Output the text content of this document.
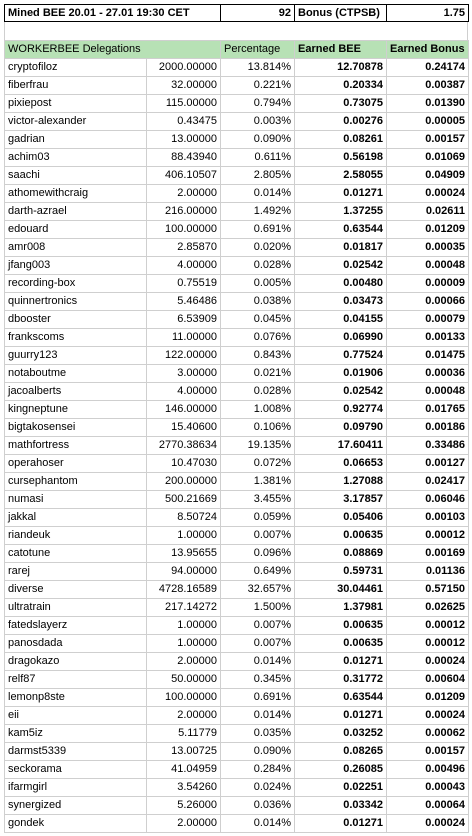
Mined BEE 20.01 - 27.01 19:30 CET	92	Bonus (CTPSB)	1.75
WORKERBEE Delegations		Percentage	Earned BEE	Earned Bonus
cryptofiloz	2000.00000	13.814%	12.70878	0.24174
fiberfrau	32.00000	0.221%	0.20334	0.00387
pixiepost	115.00000	0.794%	0.73075	0.01390
victor-alexander	0.43475	0.003%	0.00276	0.00005
gadrian	13.00000	0.090%	0.08261	0.00157
achim03	88.43940	0.611%	0.56198	0.01069
saachi	406.10507	2.805%	2.58055	0.04909
athomewithcraig	2.00000	0.014%	0.01271	0.00024
darth-azrael	216.00000	1.492%	1.37255	0.02611
edouard	100.00000	0.691%	0.63544	0.01209
amr008	2.85870	0.020%	0.01817	0.00035
jfang003	4.00000	0.028%	0.02542	0.00048
recording-box	0.75519	0.005%	0.00480	0.00009
quinnertronics	5.46486	0.038%	0.03473	0.00066
dbooster	6.53909	0.045%	0.04155	0.00079
frankscoms	11.00000	0.076%	0.06990	0.00133
guurry123	122.00000	0.843%	0.77524	0.01475
notaboutme	3.00000	0.021%	0.01906	0.00036
jacoalberts	4.00000	0.028%	0.02542	0.00048
kingneptune	146.00000	1.008%	0.92774	0.01765
bigtakosensei	15.40600	0.106%	0.09790	0.00186
mathfortress	2770.38634	19.135%	17.60411	0.33486
operahoser	10.47030	0.072%	0.06653	0.00127
cursephantom	200.00000	1.381%	1.27088	0.02417
numasi	500.21669	3.455%	3.17857	0.06046
jakkal	8.50724	0.059%	0.05406	0.00103
riandeuk	1.00000	0.007%	0.00635	0.00012
catotune	13.95655	0.096%	0.08869	0.00169
rarej	94.00000	0.649%	0.59731	0.01136
diverse	4728.16589	32.657%	30.04461	0.57150
ultratrain	217.14272	1.500%	1.37981	0.02625
fatedslayerz	1.00000	0.007%	0.00635	0.00012
panosdada	1.00000	0.007%	0.00635	0.00012
dragokazo	2.00000	0.014%	0.01271	0.00024
relf87	50.00000	0.345%	0.31772	0.00604
lemonp8ste	100.00000	0.691%	0.63544	0.01209
eii	2.00000	0.014%	0.01271	0.00024
kam5iz	5.11779	0.035%	0.03252	0.00062
darmst5339	13.00725	0.090%	0.08265	0.00157
seckorama	41.04959	0.284%	0.26085	0.00496
ifarmgirl	3.54260	0.024%	0.02251	0.00043
synergized	5.26000	0.036%	0.03342	0.00064
gondek	2.00000	0.014%	0.01271	0.00024
